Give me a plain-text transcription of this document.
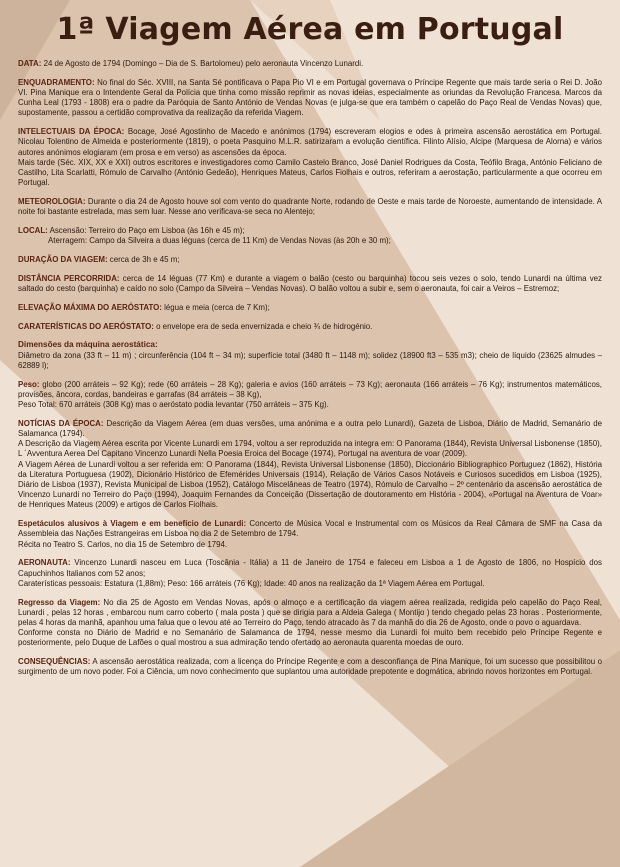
1ª Viagem Aérea em Portugal
DATA: 24 de Agosto de 1794 (Domingo – Dia de S. Bartolomeu) pelo aeronauta Vincenzo Lunardi.
ENQUADRAMENTO: No final do Séc. XVIII, na Santa Sé pontificava o Papa Pio VI e em Portugal governava o Príncipe Regente que mais tarde seria o Rei D. João VI. Pina Manique era o Intendente Geral da Polícia que tinha como missão reprimir as novas ideias, especialmente as oriundas da Revolução Francesa. Marcos da Cunha Leal (1793 - 1808) era o padre da Paróquia de Santo António de Vendas Novas (e julga-se que era também o capelão do Paço Real de Vendas Novas) que, supostamente, passou a certidão comprovativa da realização da referida Viagem.

INTELECTUAIS DA ÉPOCA: Bocage, José Agostinho de Macedo e anónimos (1794) escreveram elogios e odes à primeira ascensão aerostática em Portugal. Nicolau Tolentino de Almeida e posteriormente (1819), o poeta Pasquino M.L.R. satirizaram a evolução científica. Filinto Alísio, Alcipe (Marquesa de Alorna) e vários autores anónimos elogiaram (em prosa e em verso) as ascensões da época.

Mais tarde (Séc. XIX, XX e XXI) outros escritores e investigadores como Camilo Castelo Branco, José Daniel Rodrigues da Costa, Teófilo Braga, António Feliciano de Castilho, Lita Scarlatti, Rómulo de Carvalho (António Gedeão), Henriques Mateus, Carlos Fiolhais e outros, referiram a aerostação, particularmente a que ocorreu em Portugal.

METEOROLOGIA: Durante o dia 24 de Agosto houve sol com vento do quadrante Norte, rodando de Oeste e mais tarde de Noroeste, aumentando de intensidade. A noite foi bastante estrelada, mas sem luar. Nesse ano verificava-se seca no Alentejo;

LOCAL: Ascensão: Terreiro do Paço em Lisboa (às 16h e 45 m);

Aterragem: Campo da Silveira a duas léguas (cerca de 11 Km) de Vendas Novas (às 20h e 30 m);

DURAÇÃO DA VIAGEM: cerca de 3h e 45 m;
DISTÂNCIA PERCORRIDA: cerca de 14 léguas (77 Km) e durante a viagem o balão (cesto ou barquinha) tocou seis vezes o solo, tendo Lunardi na última vez saltado do cesto (barquinha) e caído no solo (Campo da Silveira – Vendas Novas). O balão voltou a subir e, sem o aeronauta, foi cair a Veiros – Estremoz;
ELEVAÇÃO MÁXIMA DO AERÓSTATO: légua e meia (cerca de 7 Km);
CARATERÍSTICAS DO AERÓSTATO: o envelope era de seda envernizada e cheio ¾ de hidrogénio.
Dimensões da máquina aerostática:

Diâmetro da zona (33 ft – 11 m) ; circunferência (104 ft – 34 m); superfície total (3480 ft – 1148 m); solidez (18900 ft3 – 535 m3); cheio de líquido (23625 almudes – 62889 l);

Peso: globo (200 arráteis – 92 Kg); rede (60 arráteis – 28 Kg); galeria e avios (160 arráteis – 73 Kg); aeronauta (166 arráteis – 76 Kg); instrumentos matemáticos, provisões, âncora, cordas, bandeiras e garrafas (84 arráteis – 38 Kg),

Peso Total: 670 arráteis (308 Kg) mas o aeróstato podia levantar (750 arráteis – 375 Kg).

NOTÍCIAS DA ÉPOCA: Descrição da Viagem Aérea (em duas versões, uma anónima e a outra pelo Lunardi), Gazeta de Lisboa, Diário de Madrid, Semanário de Salamanca (1794).

A Descrição da Viagem Aérea escrita por Vicente Lunardi em 1794, voltou a ser reproduzida na integra em: O Panorama (1844), Revista Universal Lisbonense (1850), L ´Avventura Aerea Del Capitano Vincenzo Lunardi Nella Poesia Eroica del Bocage (1974), Portugal na aventura de voar (2009).

A Viagem Aérea de Lunardi voltou a ser referida em: O Panorama (1844), Revista Universal Lisbonense (1850), Diccionário Bibliographico Portuguez (1862), História da Literatura Portuguesa (1902), Dicionário Histórico de Efemérides Universais (1914), Relação de Vários Casos Notáveis e Curiosos sucedidos em Lisboa (1925), Diário de Lisboa (1937), Revista Municipal de Lisboa (1952), Catálogo Miscelâneas de Teatro (1974), Rómulo de Carvalho – 2º centenário da ascensão aerostática de Vincenzo Lunardi no Terreiro do Paço (1994), Joaquim Fernandes da Conceição (Dissertação de doutoramento em História - 2004), «Portugal na Aventura de Voar» de Henriques Mateus (2009) e artigos de Carlos Fiolhais.

Espetáculos alusivos à Viagem e em benefício de Lunardi: Concerto de Música Vocal e Instrumental com os Músicos da Real Câmara de SMF na Casa da Assembleia das Nações Estrangeiras em Lisboa no dia 2 de Setembro de 1794.

Récita no Teatro S. Carlos, no dia 15 de Setembro de 1794.

AERONAUTA: Vincenzo Lunardi nasceu em Luca (Toscânia - Itália) a 11 de Janeiro de 1754 e faleceu em Lisboa a 1 de Agosto de 1806, no Hospício dos Capuchinhos Italianos com 52 anos;

Caraterísticas pessoais: Estatura (1,88m); Peso: 166 arráteis (76 Kg); Idade: 40 anos na realização da 1ª Viagem Aérea em Portugal.

Regresso da Viagem: No dia 25 de Agosto em Vendas Novas, após o almoço e a certificação da viagem aérea realizada, redigida pelo capelão do Paço Real, Lunardi , pelas 12 horas , embarcou num carro coberto ( mala posta ) que se dirigia para a Aldeia Galega ( Montijo ) tendo chegado pelas 23 horas . Posteriormente, pelas 4 horas da manhã, apanhou uma falua que o levou até ao Terreiro do Paço, tendo atracado às 7 da manhã do dia 26 de Agosto, onde o povo o aguardava.

Conforme consta no Diário de Madrid e no Semanário de Salamanca de 1794, nesse mesmo dia Lunardi foi muito bem recebido pelo Príncipe Regente e posteriormente, pelo Duque de Lafões o qual mostrou a sua admiração tendo ofertado ao aeronauta quarenta moedas de ouro.

CONSEQUÊNCIAS: A ascensão aerostática realizada, com a licença do Príncipe Regente e com a desconfiança de Pina Manique, foi um sucesso que possibilitou o surgimento de um novo poder. Foi a Ciência, um novo conhecimento que suplantou uma autoridade prepotente e dogmática, abrindo novos horizontes em Portugal.
